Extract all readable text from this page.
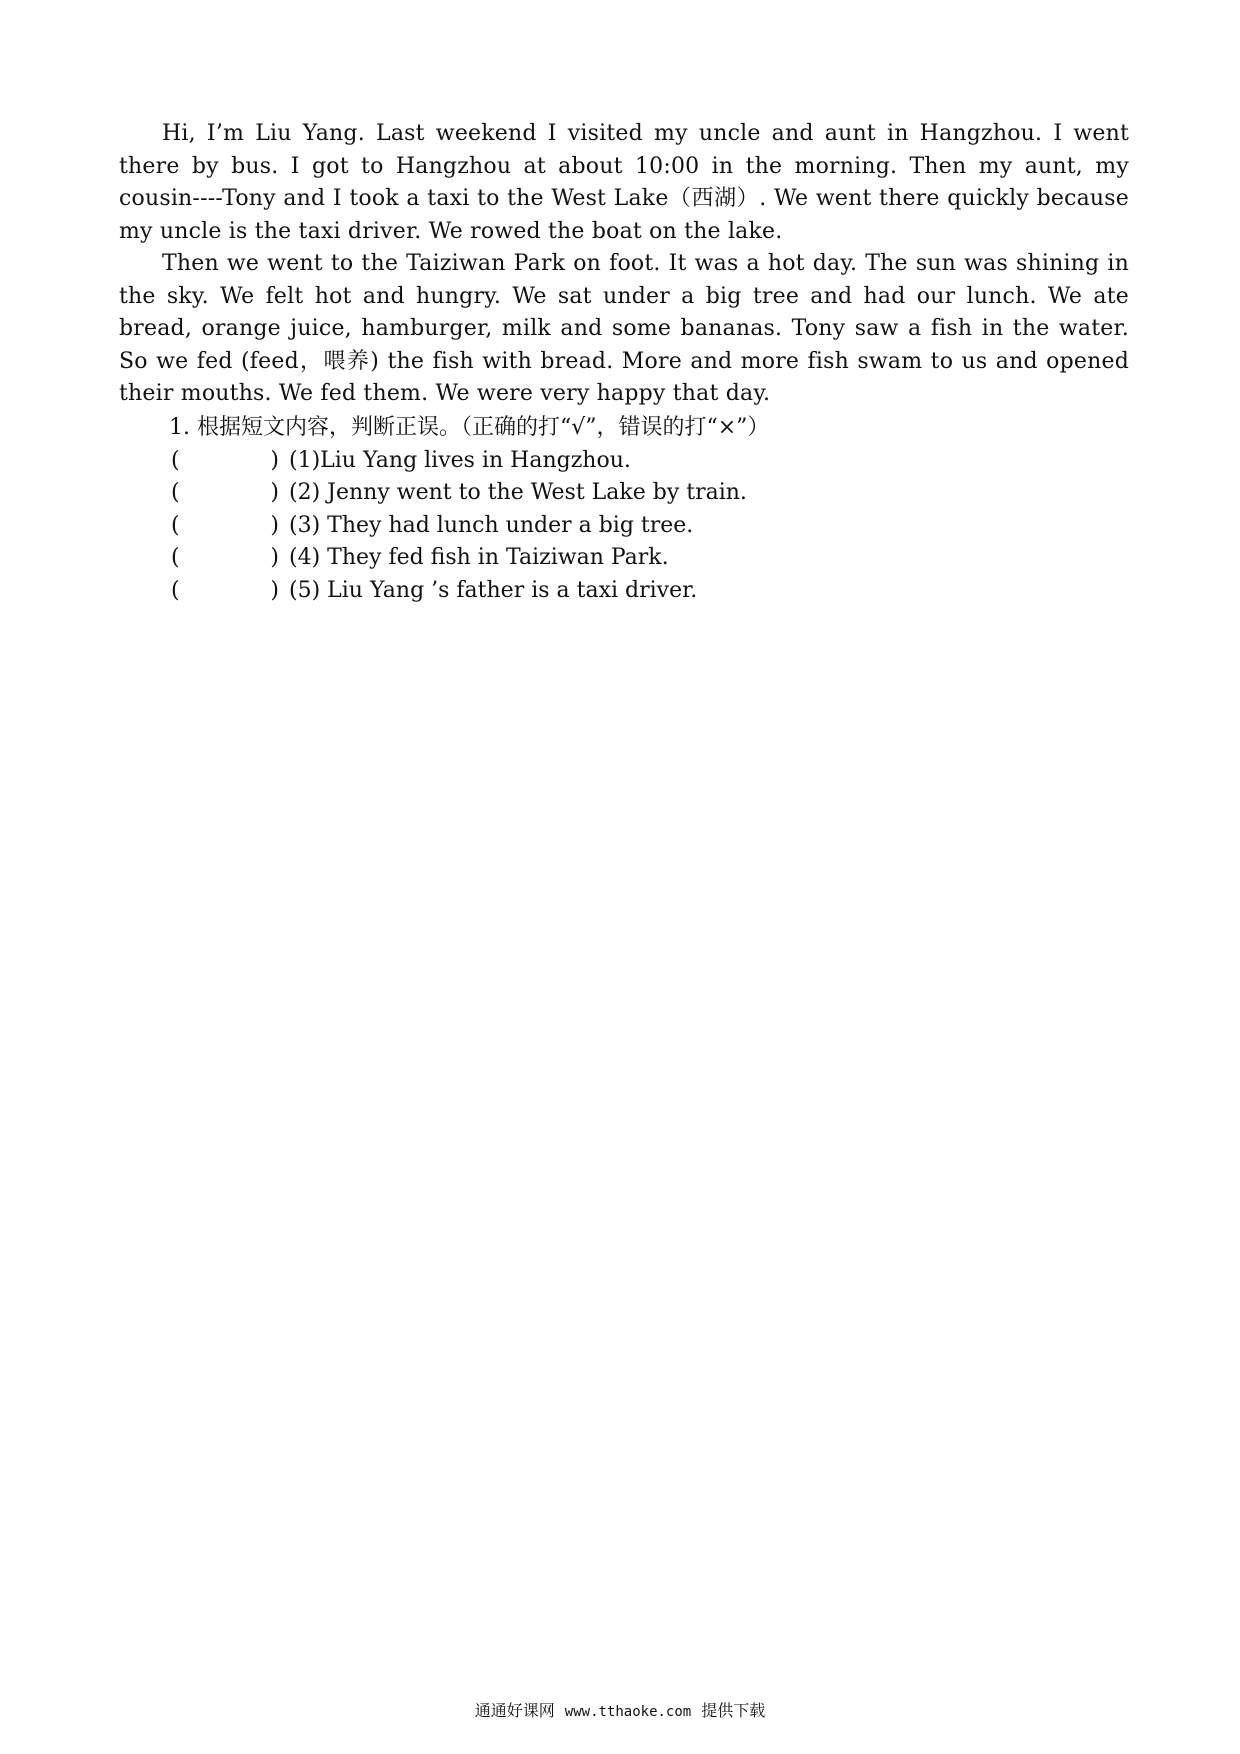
Hi, I’m Liu Yang. Last weekend I visited my uncle and aunt in Hangzhou. I went there by bus. I got to Hangzhou at about 10:00 in the morning. Then my aunt, my cousin----Tony and I took a taxi to the West Lake（西湖）. We went there quickly because my uncle is the taxi driver. We rowed the boat on the lake.

Then we went to the Taiziwan Park on foot. It was a hot day. The sun was shining in the sky. We felt hot and hungry. We sat under a big tree and had our lunch. We ate bread, orange juice, hamburger, milk and some bananas. Tony saw a fish in the water. So we fed (feed，喂养) the fish with bread. More and more fish swam to us and opened their mouths. We fed them. We were very happy that day.

1. 根据短文内容，判断正误。（正确的打“√”，错误的打“×”）

(	) (1)Liu Yang lives in Hangzhou.

(	) (2) Jenny went to the West Lake by train.

(	) (3) They had lunch under a big tree.

(	) (4) They fed fish in Taiziwan Park.

(	) (5) Liu Yang ’s father is a taxi driver.

通通好课网 www.tthaoke.com 提供下载
